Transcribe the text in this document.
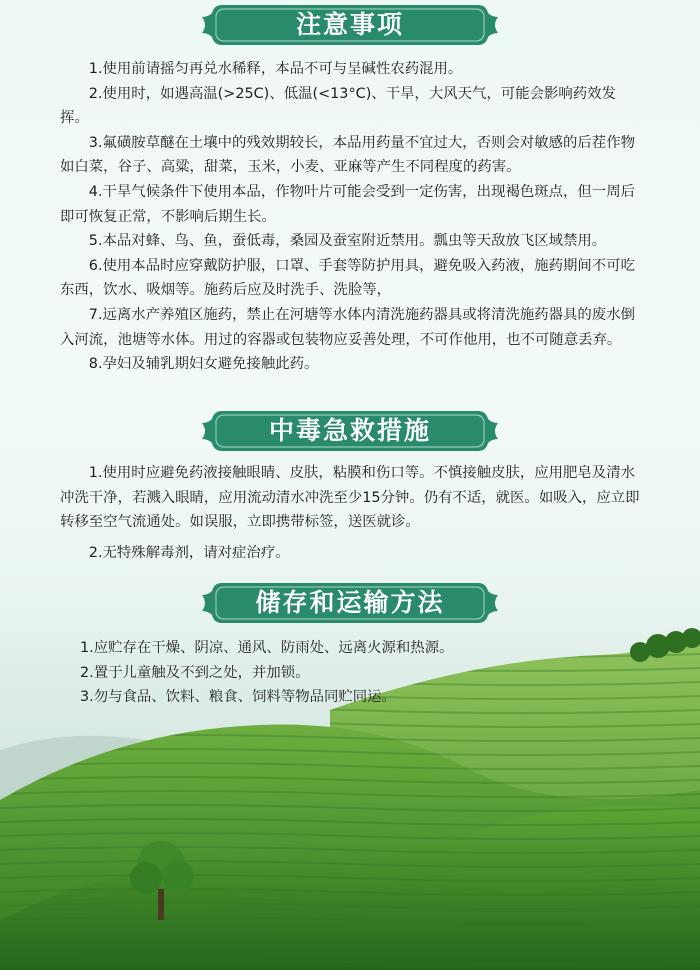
注意事项

1.使用前请摇匀再兑水稀释，本品不可与呈碱性农药混用。

2.使用时，如遇高温(>25C)、低温(<13°C)、干旱，大风天气，可能会影响药效发挥。

3.氟磺胺草醚在土壤中的残效期较长，本品用药量不宜过大，否则会对敏感的后茬作物如白菜，谷子、高粱，甜菜，玉米，小麦、亚麻等产生不同程度的药害。

4.干旱气候条件下使用本品，作物叶片可能会受到一定伤害，出现褐色斑点，但一周后即可恢复正常，不影响后期生长。

5.本品对蜂、鸟、鱼，蚕低毒，桑园及蚕室附近禁用。瓢虫等天敌放飞区域禁用。

6.使用本品时应穿戴防护服，口罩、手套等防护用具，避免吸入药液，施药期间不可吃东西，饮水、吸烟等。施药后应及时洗手、洗脸等，

7.远离水产养殖区施药，禁止在河塘等水体内清洗施药器具或将清洗施药器具的废水倒入河流，池塘等水体。用过的容器或包装物应妥善处理，不可作他用，也不可随意丢弃。

8.孕妇及辅乳期妇女避免接触此药。

中毒急救措施

1.使用时应避免药液接触眼睛、皮肤，粘膜和伤口等。不慎接触皮肤，应用肥皂及清水冲洗干净，若溅入眼睛，应用流动清水冲洗至少15分钟。仍有不适，就医。如吸入，应立即转移至空气流通处。如误服，立即携带标签，送医就诊。

2.无特殊解毒剂，请对症治疗。

储存和运输方法

1.应贮存在干燥、阴凉、通风、防雨处、远离火源和热源。

2.置于儿童触及不到之处，并加锁。

3.勿与食品、饮料、粮食、饲料等物品同贮同运。
